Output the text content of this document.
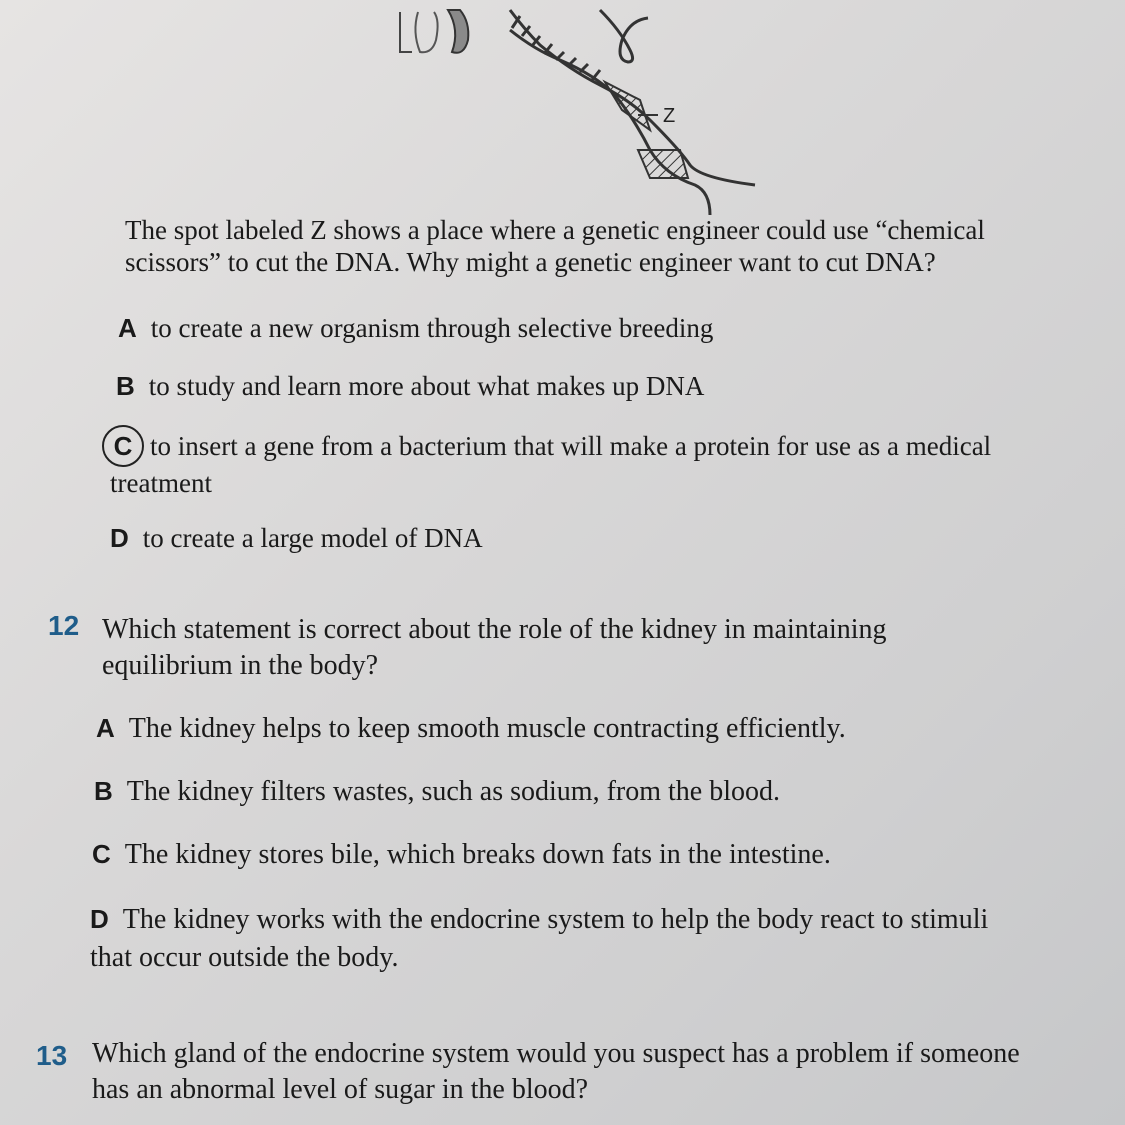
Z

The spot labeled Z shows a place where a genetic engineer could use “chemical scissors” to cut the DNA. Why might a genetic engineer want to cut DNA?

A to create a new organism through selective breeding
B to study and learn more about what makes up DNA
C to insert a gene from a bacterium that will make a protein for use as a medical treatment
D to create a large model of DNA
12 Which statement is correct about the role of the kidney in maintaining equilibrium in the body?
A The kidney helps to keep smooth muscle contracting efficiently.
B The kidney filters wastes, such as sodium, from the blood.
C The kidney stores bile, which breaks down fats in the intestine.
D The kidney works with the endocrine system to help the body react to stimuli that occur outside the body.
13 Which gland of the endocrine system would you suspect has a problem if someone has an abnormal level of sugar in the blood?
